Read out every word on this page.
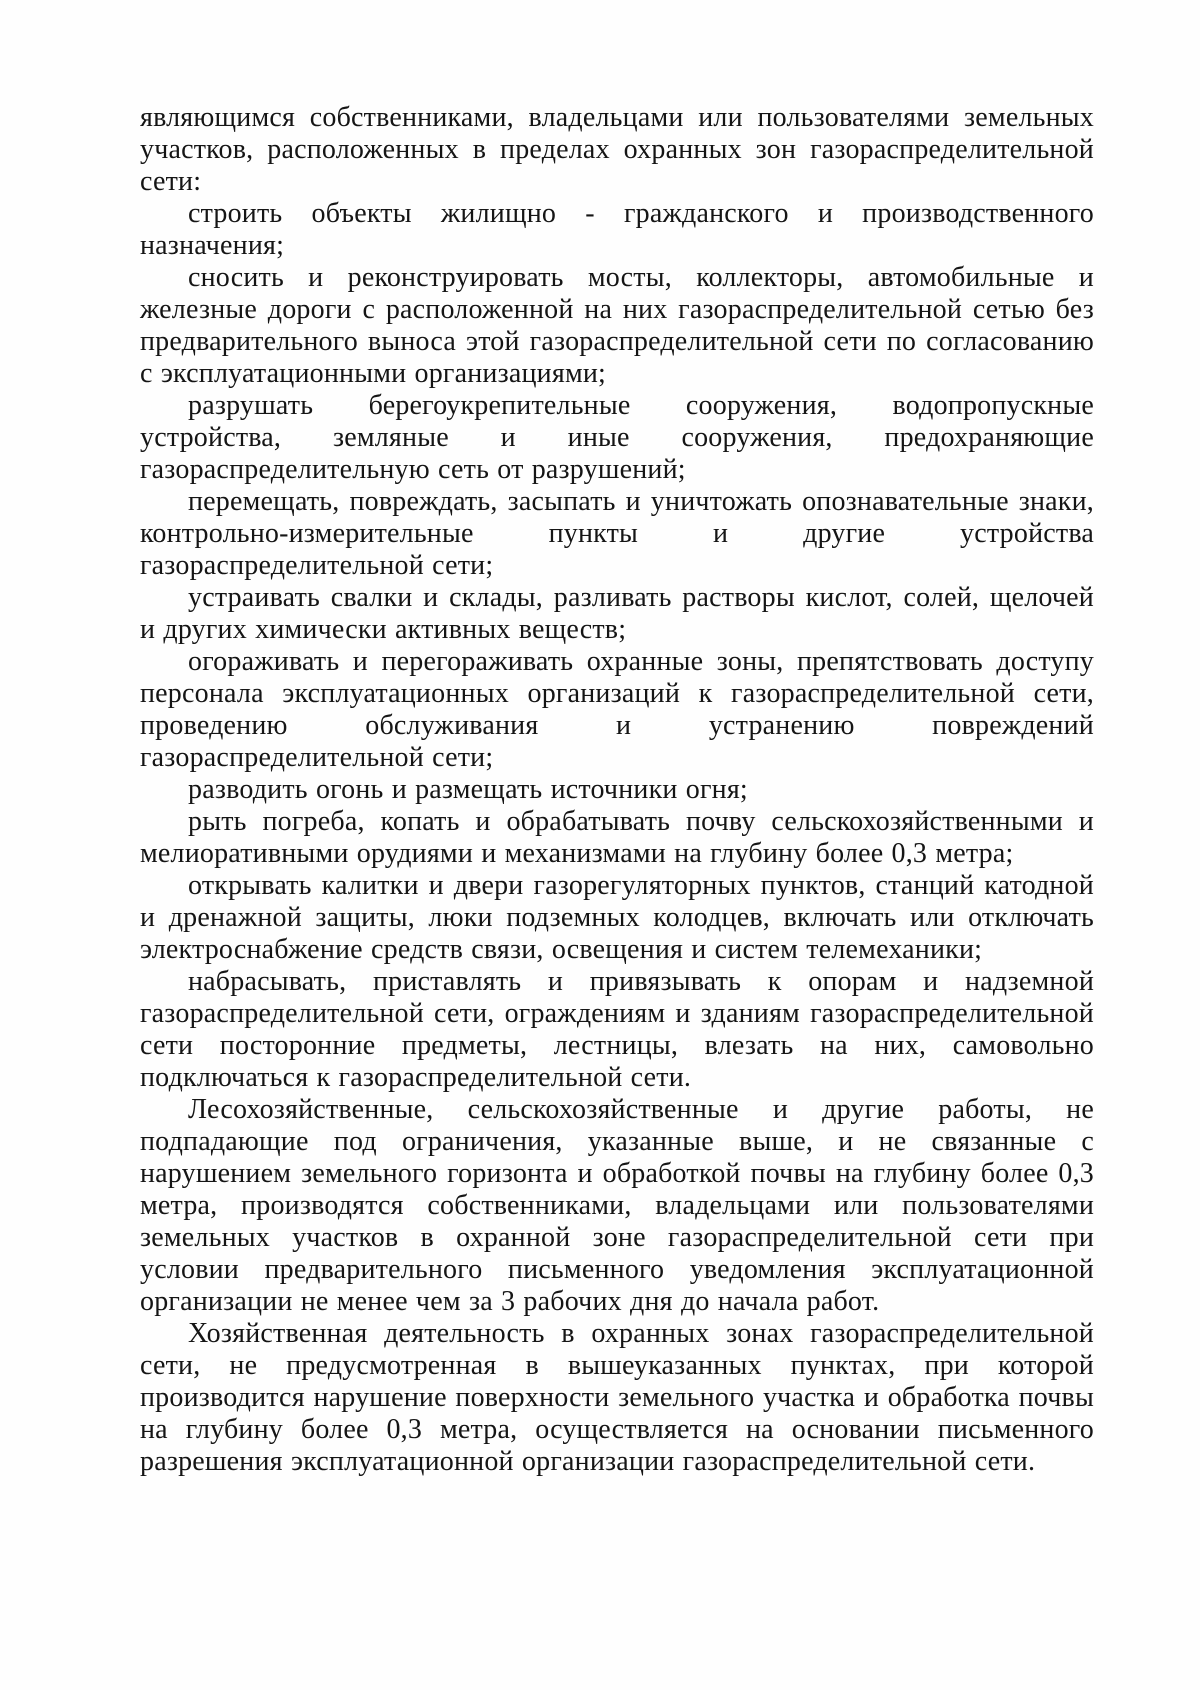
являющимся собственниками, владельцами или пользователями земельных участков, расположенных в пределах охранных зон газораспределительной сети:

строить объекты жилищно - гражданского и производственного назначения;

сносить и реконструировать мосты, коллекторы, автомобильные и железные дороги с расположенной на них газораспределительной сетью без предварительного выноса этой газораспределительной сети по согласованию с эксплуатационными организациями;

разрушать берегоукрепительные сооружения, водопропускные устройства, земляные и иные сооружения, предохраняющие газораспределительную сеть от разрушений;

перемещать, повреждать, засыпать и уничтожать опознавательные знаки, контрольно-измерительные пункты и другие устройства газораспределительной сети;

устраивать свалки и склады, разливать растворы кислот, солей, щелочей и других химически активных веществ;

огораживать и перегораживать охранные зоны, препятствовать доступу персонала эксплуатационных организаций к газораспределительной сети, проведению обслуживания и устранению повреждений газораспределительной сети;

разводить огонь и размещать источники огня;

рыть погреба, копать и обрабатывать почву сельскохозяйственными и мелиоративными орудиями и механизмами на глубину более 0,3 метра;

открывать калитки и двери газорегуляторных пунктов, станций катодной и дренажной защиты, люки подземных колодцев, включать или отключать электроснабжение средств связи, освещения и систем телемеханики;

набрасывать, приставлять и привязывать к опорам и надземной газораспределительной сети, ограждениям и зданиям газораспределительной сети посторонние предметы, лестницы, влезать на них, самовольно подключаться к газораспределительной сети.

Лесохозяйственные, сельскохозяйственные и другие работы, не подпадающие под ограничения, указанные выше, и не связанные с нарушением земельного горизонта и обработкой почвы на глубину более 0,3 метра, производятся собственниками, владельцами или пользователями земельных участков в охранной зоне газораспределительной сети при условии предварительного письменного уведомления эксплуатационной организации не менее чем за 3 рабочих дня до начала работ.

Хозяйственная деятельность в охранных зонах газораспределительной сети, не предусмотренная в вышеуказанных пунктах, при которой производится нарушение поверхности земельного участка и обработка почвы на глубину более 0,3 метра, осуществляется на основании письменного разрешения эксплуатационной организации газораспределительной сети.
